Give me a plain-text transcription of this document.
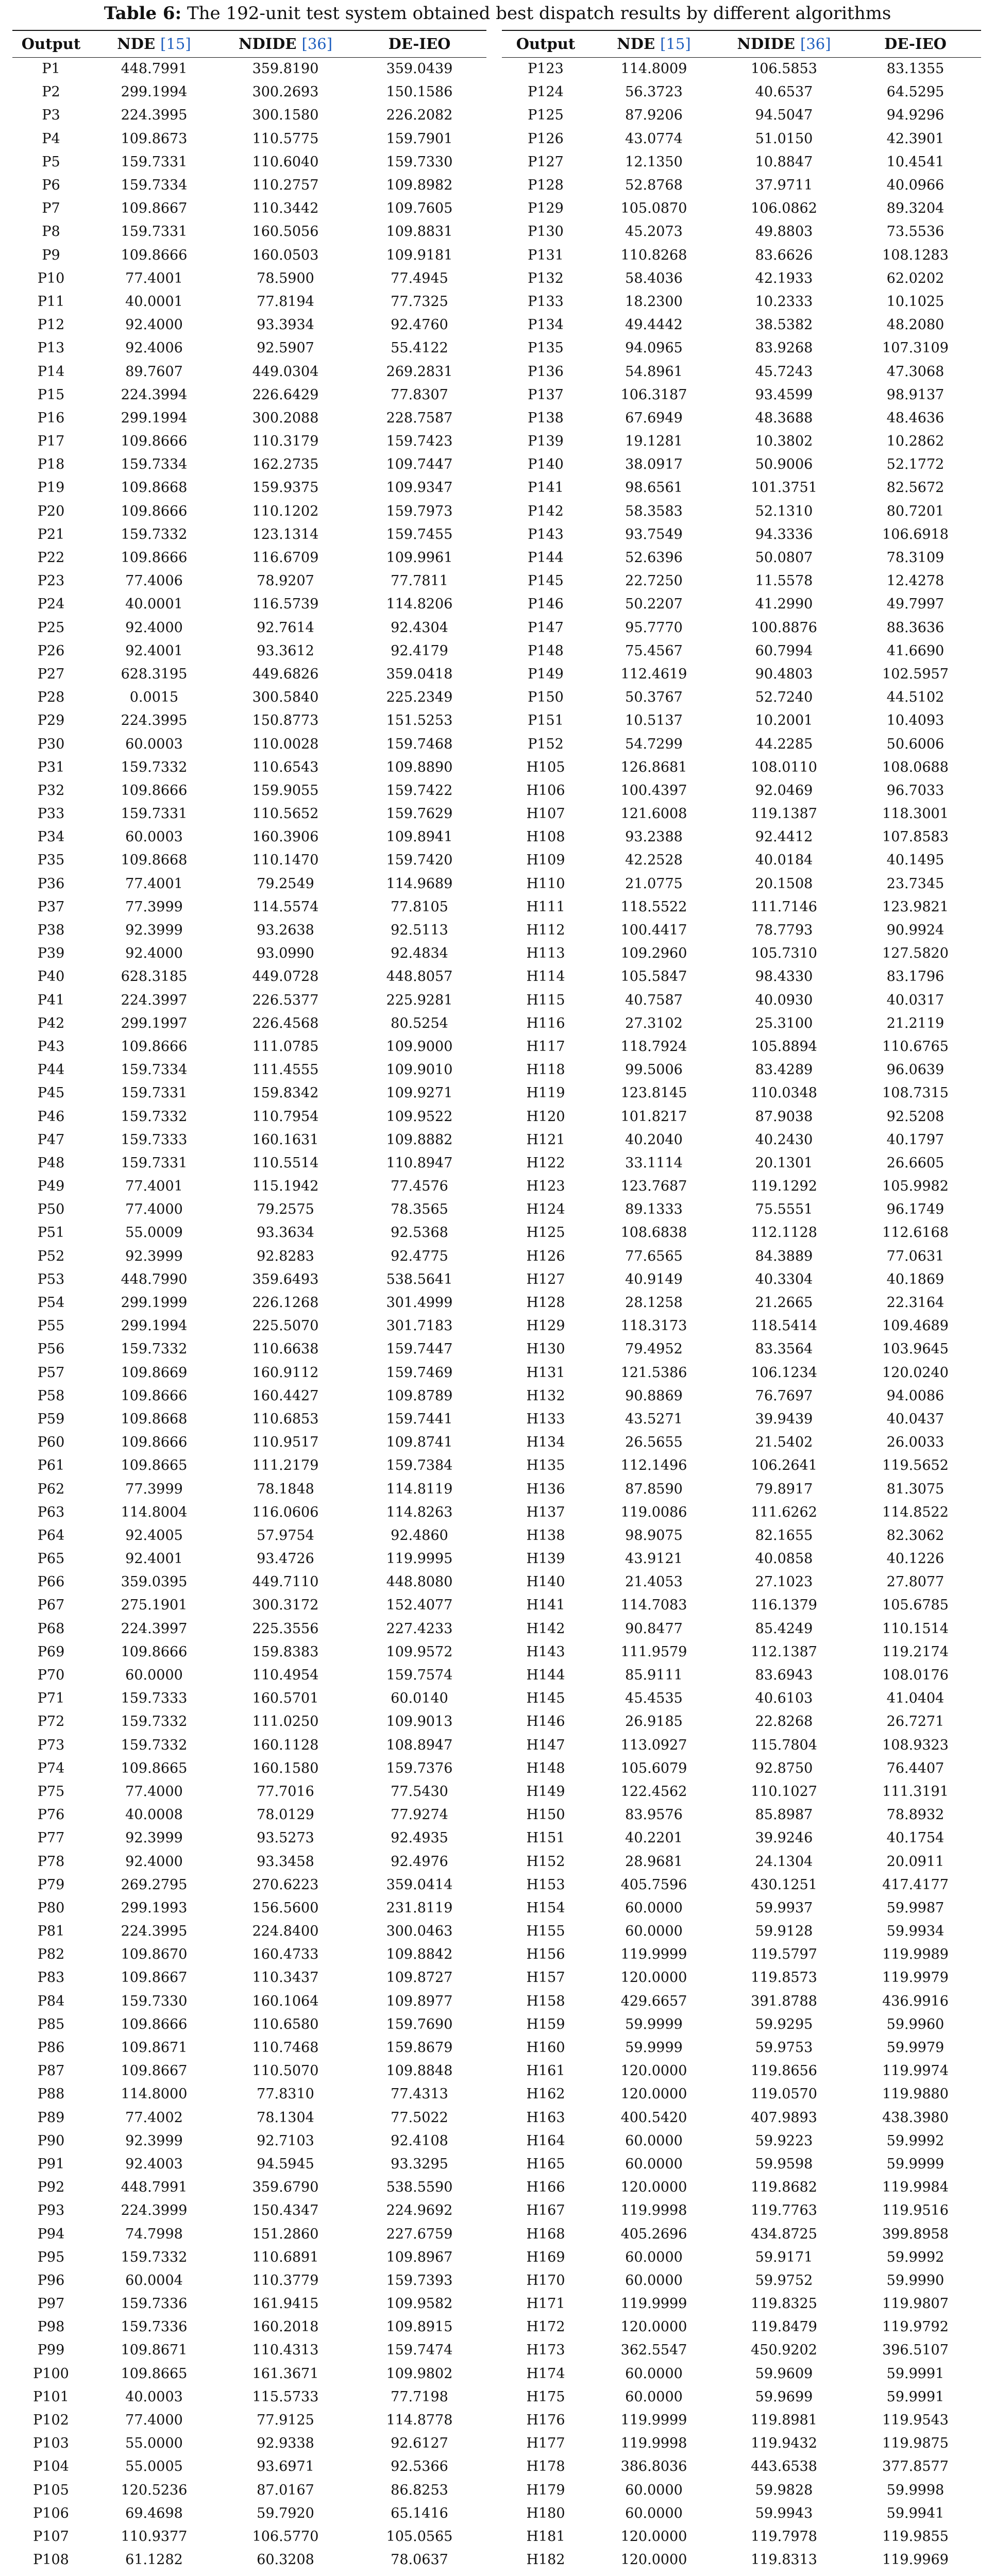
Table 6: The 192-unit test system obtained best dispatch results by different algorithms
Output	NDE [15]	NDIDE [36]	DE-IEO
P1	448.7991	359.8190	359.0439
P2	299.1994	300.2693	150.1586
P3	224.3995	300.1580	226.2082
P4	109.8673	110.5775	159.7901
P5	159.7331	110.6040	159.7330
P6	159.7334	110.2757	109.8982
P7	109.8667	110.3442	109.7605
P8	159.7331	160.5056	109.8831
P9	109.8666	160.0503	109.9181
P10	77.4001	78.5900	77.4945
P11	40.0001	77.8194	77.7325
P12	92.4000	93.3934	92.4760
P13	92.4006	92.5907	55.4122
P14	89.7607	449.0304	269.2831
P15	224.3994	226.6429	77.8307
P16	299.1994	300.2088	228.7587
P17	109.8666	110.3179	159.7423
P18	159.7334	162.2735	109.7447
P19	109.8668	159.9375	109.9347
P20	109.8666	110.1202	159.7973
P21	159.7332	123.1314	159.7455
P22	109.8666	116.6709	109.9961
P23	77.4006	78.9207	77.7811
P24	40.0001	116.5739	114.8206
P25	92.4000	92.7614	92.4304
P26	92.4001	93.3612	92.4179
P27	628.3195	449.6826	359.0418
P28	0.0015	300.5840	225.2349
P29	224.3995	150.8773	151.5253
P30	60.0003	110.0028	159.7468
P31	159.7332	110.6543	109.8890
P32	109.8666	159.9055	159.7422
P33	159.7331	110.5652	159.7629
P34	60.0003	160.3906	109.8941
P35	109.8668	110.1470	159.7420
P36	77.4001	79.2549	114.9689
P37	77.3999	114.5574	77.8105
P38	92.3999	93.2638	92.5113
P39	92.4000	93.0990	92.4834
P40	628.3185	449.0728	448.8057
P41	224.3997	226.5377	225.9281
P42	299.1997	226.4568	80.5254
P43	109.8666	111.0785	109.9000
P44	159.7334	111.4555	109.9010
P45	159.7331	159.8342	109.9271
P46	159.7332	110.7954	109.9522
P47	159.7333	160.1631	109.8882
P48	159.7331	110.5514	110.8947
P49	77.4001	115.1942	77.4576
P50	77.4000	79.2575	78.3565
P51	55.0009	93.3634	92.5368
P52	92.3999	92.8283	92.4775
P53	448.7990	359.6493	538.5641
P54	299.1999	226.1268	301.4999
P55	299.1994	225.5070	301.7183
P56	159.7332	110.6638	159.7447
P57	109.8669	160.9112	159.7469
P58	109.8666	160.4427	109.8789
P59	109.8668	110.6853	159.7441
P60	109.8666	110.9517	109.8741
P61	109.8665	111.2179	159.7384
P62	77.3999	78.1848	114.8119
P63	114.8004	116.0606	114.8263
P64	92.4005	57.9754	92.4860
P65	92.4001	93.4726	119.9995
P66	359.0395	449.7110	448.8080
P67	275.1901	300.3172	152.4077
P68	224.3997	225.3556	227.4233
P69	109.8666	159.8383	109.9572
P70	60.0000	110.4954	159.7574
P71	159.7333	160.5701	60.0140
P72	159.7332	111.0250	109.9013
P73	159.7332	160.1128	108.8947
P74	109.8665	160.1580	159.7376
P75	77.4000	77.7016	77.5430
P76	40.0008	78.0129	77.9274
P77	92.3999	93.5273	92.4935
P78	92.4000	93.3458	92.4976
P79	269.2795	270.6223	359.0414
P80	299.1993	156.5600	231.8119
P81	224.3995	224.8400	300.0463
P82	109.8670	160.4733	109.8842
P83	109.8667	110.3437	109.8727
P84	159.7330	160.1064	109.8977
P85	109.8666	110.6580	159.7690
P86	109.8671	110.7468	159.8679
P87	109.8667	110.5070	109.8848
P88	114.8000	77.8310	77.4313
P89	77.4002	78.1304	77.5022
P90	92.3999	92.7103	92.4108
P91	92.4003	94.5945	93.3295
P92	448.7991	359.6790	538.5590
P93	224.3999	150.4347	224.9692
P94	74.7998	151.2860	227.6759
P95	159.7332	110.6891	109.8967
P96	60.0004	110.3779	159.7393
P97	159.7336	161.9415	109.9582
P98	159.7336	160.2018	109.8915
P99	109.8671	110.4313	159.7474
P100	109.8665	161.3671	109.9802
P101	40.0003	115.5733	77.7198
P102	77.4000	77.9125	114.8778
P103	55.0000	92.9338	92.6127
P104	55.0005	93.6971	92.5366
P105	120.5236	87.0167	86.8253
P106	69.4698	59.7920	65.1416
P107	110.9377	106.5770	105.0565
P108	61.1282	60.3208	78.0637

Output	NDE [15]	NDIDE [36]	DE-IEO
P123	114.8009	106.5853	83.1355
P124	56.3723	40.6537	64.5295
P125	87.9206	94.5047	94.9296
P126	43.0774	51.0150	42.3901
P127	12.1350	10.8847	10.4541
P128	52.8768	37.9711	40.0966
P129	105.0870	106.0862	89.3204
P130	45.2073	49.8803	73.5536
P131	110.8268	83.6626	108.1283
P132	58.4036	42.1933	62.0202
P133	18.2300	10.2333	10.1025
P134	49.4442	38.5382	48.2080
P135	94.0965	83.9268	107.3109
P136	54.8961	45.7243	47.3068
P137	106.3187	93.4599	98.9137
P138	67.6949	48.3688	48.4636
P139	19.1281	10.3802	10.2862
P140	38.0917	50.9006	52.1772
P141	98.6561	101.3751	82.5672
P142	58.3583	52.1310	80.7201
P143	93.7549	94.3336	106.6918
P144	52.6396	50.0807	78.3109
P145	22.7250	11.5578	12.4278
P146	50.2207	41.2990	49.7997
P147	95.7770	100.8876	88.3636
P148	75.4567	60.7994	41.6690
P149	112.4619	90.4803	102.5957
P150	50.3767	52.7240	44.5102
P151	10.5137	10.2001	10.4093
P152	54.7299	44.2285	50.6006
H105	126.8681	108.0110	108.0688
H106	100.4397	92.0469	96.7033
H107	121.6008	119.1387	118.3001
H108	93.2388	92.4412	107.8583
H109	42.2528	40.0184	40.1495
H110	21.0775	20.1508	23.7345
H111	118.5522	111.7146	123.9821
H112	100.4417	78.7793	90.9924
H113	109.2960	105.7310	127.5820
H114	105.5847	98.4330	83.1796
H115	40.7587	40.0930	40.0317
H116	27.3102	25.3100	21.2119
H117	118.7924	105.8894	110.6765
H118	99.5006	83.4289	96.0639
H119	123.8145	110.0348	108.7315
H120	101.8217	87.9038	92.5208
H121	40.2040	40.2430	40.1797
H122	33.1114	20.1301	26.6605
H123	123.7687	119.1292	105.9982
H124	89.1333	75.5551	96.1749
H125	108.6838	112.1128	112.6168
H126	77.6565	84.3889	77.0631
H127	40.9149	40.3304	40.1869
H128	28.1258	21.2665	22.3164
H129	118.3173	118.5414	109.4689
H130	79.4952	83.3564	103.9645
H131	121.5386	106.1234	120.0240
H132	90.8869	76.7697	94.0086
H133	43.5271	39.9439	40.0437
H134	26.5655	21.5402	26.0033
H135	112.1496	106.2641	119.5652
H136	87.8590	79.8917	81.3075
H137	119.0086	111.6262	114.8522
H138	98.9075	82.1655	82.3062
H139	43.9121	40.0858	40.1226
H140	21.4053	27.1023	27.8077
H141	114.7083	116.1379	105.6785
H142	90.8477	85.4249	110.1514
H143	111.9579	112.1387	119.2174
H144	85.9111	83.6943	108.0176
H145	45.4535	40.6103	41.0404
H146	26.9185	22.8268	26.7271
H147	113.0927	115.7804	108.9323
H148	105.6079	92.8750	76.4407
H149	122.4562	110.1027	111.3191
H150	83.9576	85.8987	78.8932
H151	40.2201	39.9246	40.1754
H152	28.9681	24.1304	20.0911
H153	405.7596	430.1251	417.4177
H154	60.0000	59.9937	59.9987
H155	60.0000	59.9128	59.9934
H156	119.9999	119.5797	119.9989
H157	120.0000	119.8573	119.9979
H158	429.6657	391.8788	436.9916
H159	59.9999	59.9295	59.9960
H160	59.9999	59.9753	59.9979
H161	120.0000	119.8656	119.9974
H162	120.0000	119.0570	119.9880
H163	400.5420	407.9893	438.3980
H164	60.0000	59.9223	59.9992
H165	60.0000	59.9598	59.9999
H166	120.0000	119.8682	119.9984
H167	119.9998	119.7763	119.9516
H168	405.2696	434.8725	399.8958
H169	60.0000	59.9171	59.9992
H170	60.0000	59.9752	59.9990
H171	119.9999	119.8325	119.9807
H172	120.0000	119.8479	119.9792
H173	362.5547	450.9202	396.5107
H174	60.0000	59.9609	59.9991
H175	60.0000	59.9699	59.9991
H176	119.9999	119.8981	119.9543
H177	119.9998	119.9432	119.9875
H178	386.8036	443.6538	377.8577
H179	60.0000	59.9828	59.9998
H180	60.0000	59.9943	59.9941
H181	120.0000	119.7978	119.9855
H182	120.0000	119.8313	119.9969
